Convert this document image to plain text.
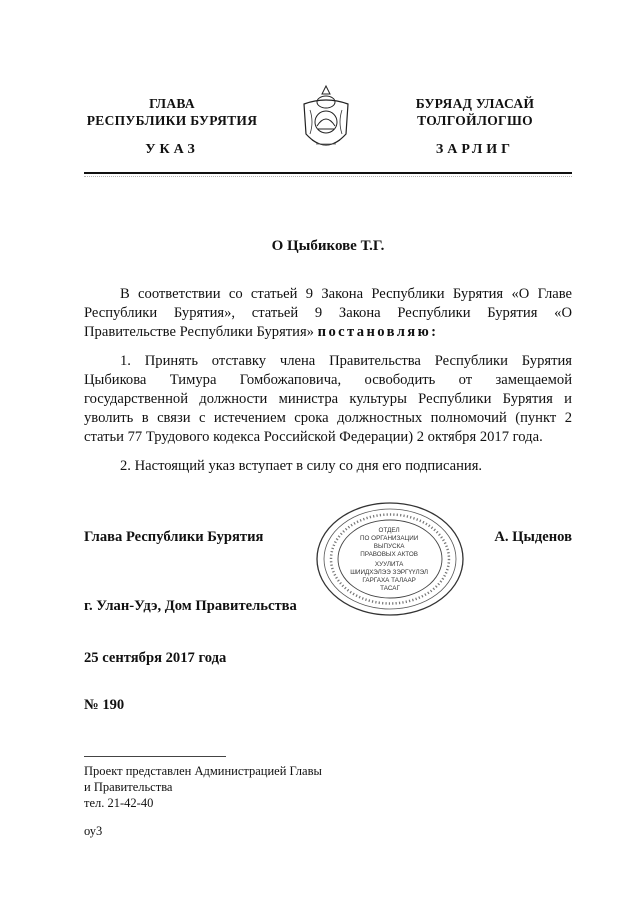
ГЛАВА
РЕСПУБЛИКИ БУРЯТИЯ
БУРЯАД УЛАСАЙ
ТОЛГОЙЛОГШО
УКАЗ	ЗАРЛИГ
О Цыбикове Т.Г.
В соответствии со статьей 9 Закона Республики Бурятия «О Главе Республики Бурятия», статьей 9 Закона Республики Бурятия «О Правительстве Республики Бурятия» постановляю:
1. Принять отставку члена Правительства Республики Бурятия Цыбикова Тимура Гомбожаповича, освободить от замещаемой государственной должности министра культуры Республики Бурятия и уволить в связи с истечением срока должностных полномочий (пункт 2 статьи 77 Трудового кодекса Российской Федерации) 2 октября 2017 года.
2. Настоящий указ вступает в силу со дня его подписания.
Глава Республики Бурятия	А. Цыденов
г. Улан-Удэ, Дом Правительства
25 сентября 2017 года
№ 190
ОТДЕЛ ПО ОРГАНИЗАЦИИ ВЫПУСКА ПРАВОВЫХ АКТОВ ХУУЛИТА ШИИДХЭЛЭЭ ЗЭРГҮҮЛЭЛ ГАРГАХА ТАЛААР ТАСАГ
Проект представлен Администрацией Главы
и Правительства
тел. 21-42-40
оу3
